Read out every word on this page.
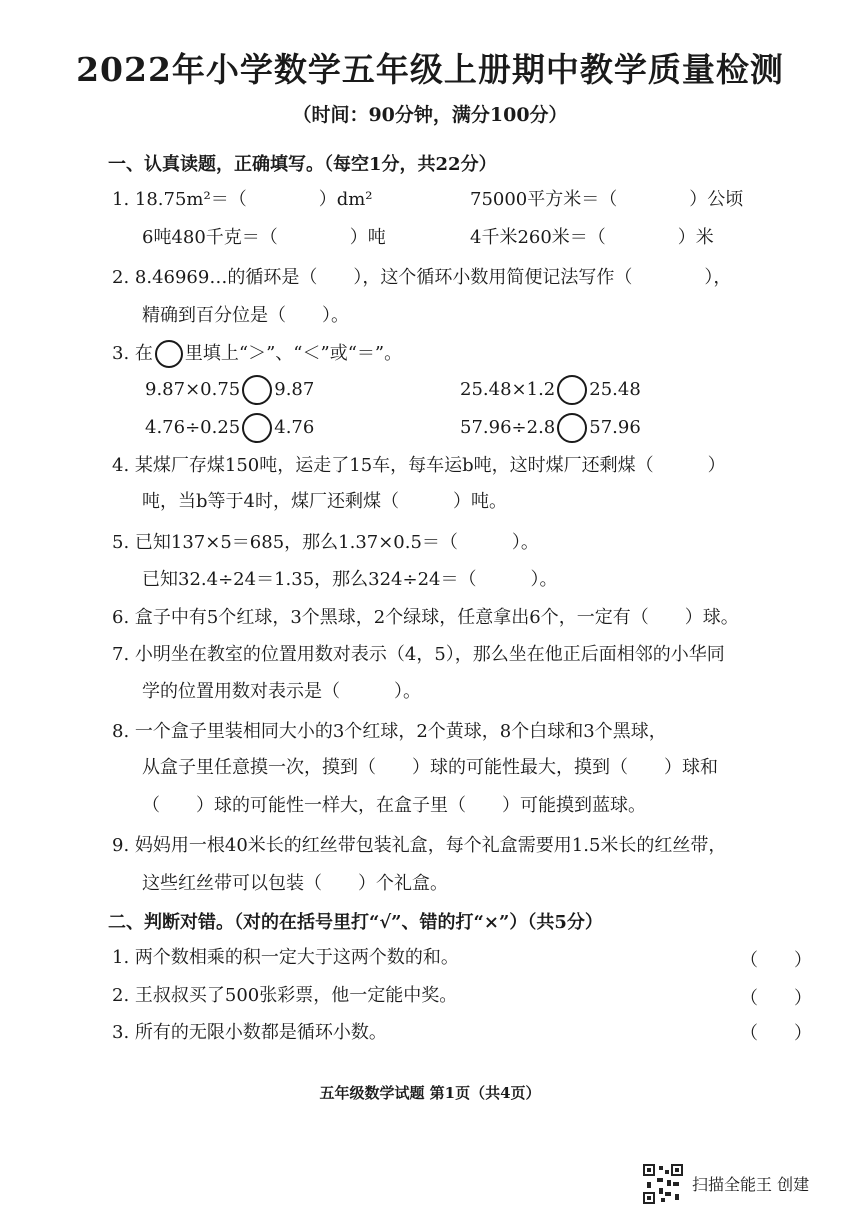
2022年小学数学五年级上册期中教学质量检测
（时间：90分钟，满分100分）
一、认真读题，正确填写。（每空1分，共22分）
1. 18.75m²＝（　　　　）dm²	75000平方米＝（　　　　）公顷
6吨480千克＝（　　　　）吨	4千米260米＝（　　　　）米
2. 8.46969…的循环是（　　），这个循环小数用简便记法写作（　　　　），
精确到百分位是（　　）。
3. 在 里填上“＞”、“＜”或“＝”。
9.87×0.75 9.87	25.48×1.2 25.48
4.76÷0.25 4.76	57.96÷2.8 57.96
4. 某煤厂存煤150吨，运走了15车，每车运b吨，这时煤厂还剩煤（　　　）
吨，当b等于4时，煤厂还剩煤（　　　）吨。
5. 已知137×5＝685，那么1.37×0.5＝（　　　）。
已知32.4÷24＝1.35，那么324÷24＝（　　　）。
6. 盒子中有5个红球，3个黑球，2个绿球，任意拿出6个，一定有（　　）球。
7. 小明坐在教室的位置用数对表示（4，5），那么坐在他正后面相邻的小华同
学的位置用数对表示是（　　　）。
8. 一个盒子里装相同大小的3个红球，2个黄球，8个白球和3个黑球，
从盒子里任意摸一次，摸到（　　）球的可能性最大，摸到（　　）球和
（　　）球的可能性一样大，在盒子里（　　）可能摸到蓝球。
9. 妈妈用一根40米长的红丝带包装礼盒，每个礼盒需要用1.5米长的红丝带，
这些红丝带可以包装（　　）个礼盒。
二、判断对错。（对的在括号里打“√”、错的打“×”）（共5分）
1. 两个数相乘的积一定大于这两个数的和。	（　　）
2. 王叔叔买了500张彩票，他一定能中奖。	（　　）
3. 所有的无限小数都是循环小数。	（　　）
五年级数学试题 第1页（共4页）
扫描全能王 创建
